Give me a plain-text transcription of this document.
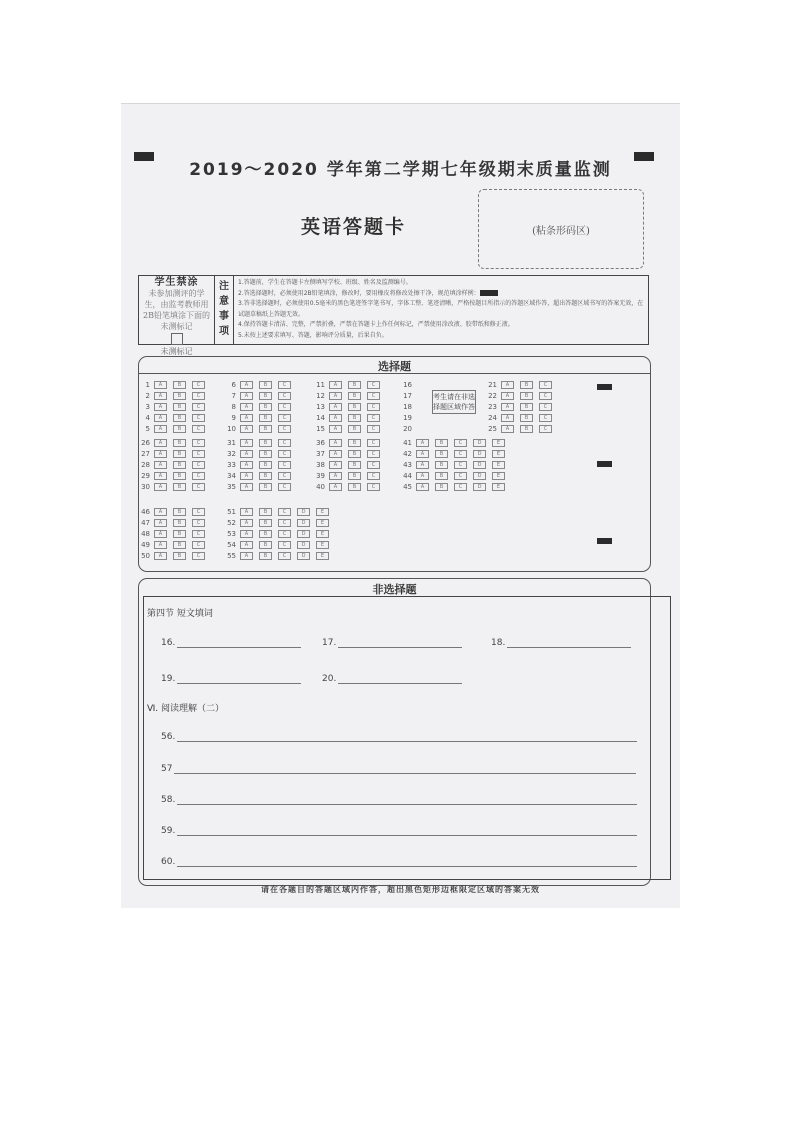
2019～2020 学年第二学期七年级期末质量监测
英语答题卡	(粘条形码区)
学生禁涂
未参加测评的学生，由监考教师用2B铅笔填涂下面的未测标记
未测标记
注意事项
1.答题前，学生在答题卡左侧填写学校、班级、姓名及监测编号。
2.答选择题时，必须使用2B铅笔填涂，修改时，要用橡皮将修改处擦干净，规范填涂样例：
3.答非选择题时，必须使用0.5毫米的黑色笔迹签字笔书写，字体工整、笔迹清晰，严格按题目所指示的答题区域作答，超出答题区域书写的答案无效，在试题草稿纸上答题无效。
4.保持答题卡清洁、完整，严禁折叠，严禁在答题卡上作任何标记，严禁使用涂改液、胶带纸和修正液。
5.未按上述要求填写、答题，影响评分质量，后果自负。
选择题
考生请在非选择题区域作答
1	A	B	C
2	A	B	C
3	A	B	C
4	A	B	C
5	A	B	C
6	A	B	C
7	A	B	C
8	A	B	C
9	A	B	C
10	A	B	C
11	A	B	C
12	A	B	C
13	A	B	C
14	A	B	C
15	A	B	C
16
17
18
19
20
21	A	B	C
22	A	B	C
23	A	B	C
24	A	B	C
25	A	B	C
26	A	B	C
27	A	B	C
28	A	B	C
29	A	B	C
30	A	B	C
31	A	B	C
32	A	B	C
33	A	B	C
34	A	B	C
35	A	B	C
36	A	B	C
37	A	B	C
38	A	B	C
39	A	B	C
40	A	B	C
41	A	B	C	D	E
42	A	B	C	D	E
43	A	B	C	D	E
44	A	B	C	D	E
45	A	B	C	D	E
46	A	B	C
47	A	B	C
48	A	B	C
49	A	B	C
50	A	B	C
51	A	B	C	D	E
52	A	B	C	D	E
53	A	B	C	D	E
54	A	B	C	D	E
55	A	B	C	D	E
非选择题
第四节 短文填词
16.	17.	18.
19.	20.
Ⅵ. 阅读理解（二）
56.
57
58.
59.
60.
请在各题目的答题区域内作答，超出黑色矩形边框限定区域的答案无效
